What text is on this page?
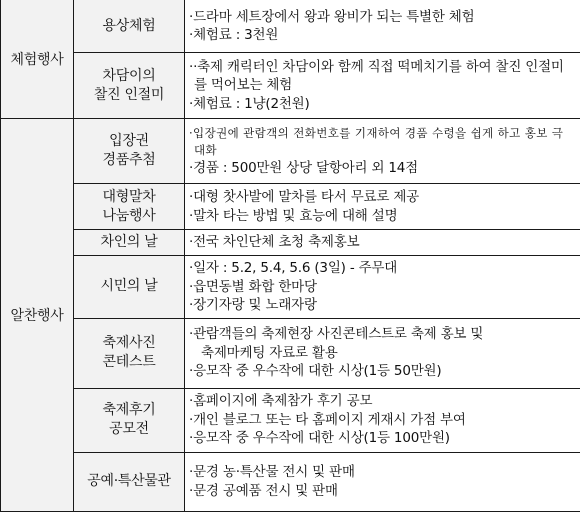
체험행사	용상체험	·드라마 세트장에서 왕과 왕비가 되는 특별한 체험
·체험료 : 3천원

	차담이의
찰진 인절미	··축제 캐릭터인 차담이와 함께 직접 떡메치기를 하여 찰진 인절미를 먹어보는 체험
·체험료 : 1냥(2천원)

알찬행사	입장권
경품추첨	·입장권에 관람객의 전화번호를 기재하여 경품 수령을 쉽게 하고 홍보 극대화
·경품 : 500만원 상당 달항아리 외 14점

	대형말차
나눔행사	·대형 찻사발에 말차를 타서 무료로 제공
·말차 타는 방법 및 효능에 대해 설명

	차인의 날	·전국 차인단체 초청 축제홍보

	시민의 날	·일자 : 5.2, 5.4, 5.6 (3일) - 주무대
·읍면동별 화합 한마당
·장기자랑 및 노래자랑

	축제사진
콘테스트	·관람객들의 축제현장 사진콘테스트로 축제 홍보 및
축제마케팅 자료로 활용
·응모작 중 우수작에 대한 시상(1등 50만원)

	축제후기
공모전	·홈페이지에 축제참가 후기 공모
·개인 블로그 또는 타 홈페이지 게재시 가점 부여
·응모작 중 우수작에 대한 시상(1등 100만원)

	공예·특산물관	·문경 농·특산물 전시 및 판매
·문경 공예품 전시 및 판매
